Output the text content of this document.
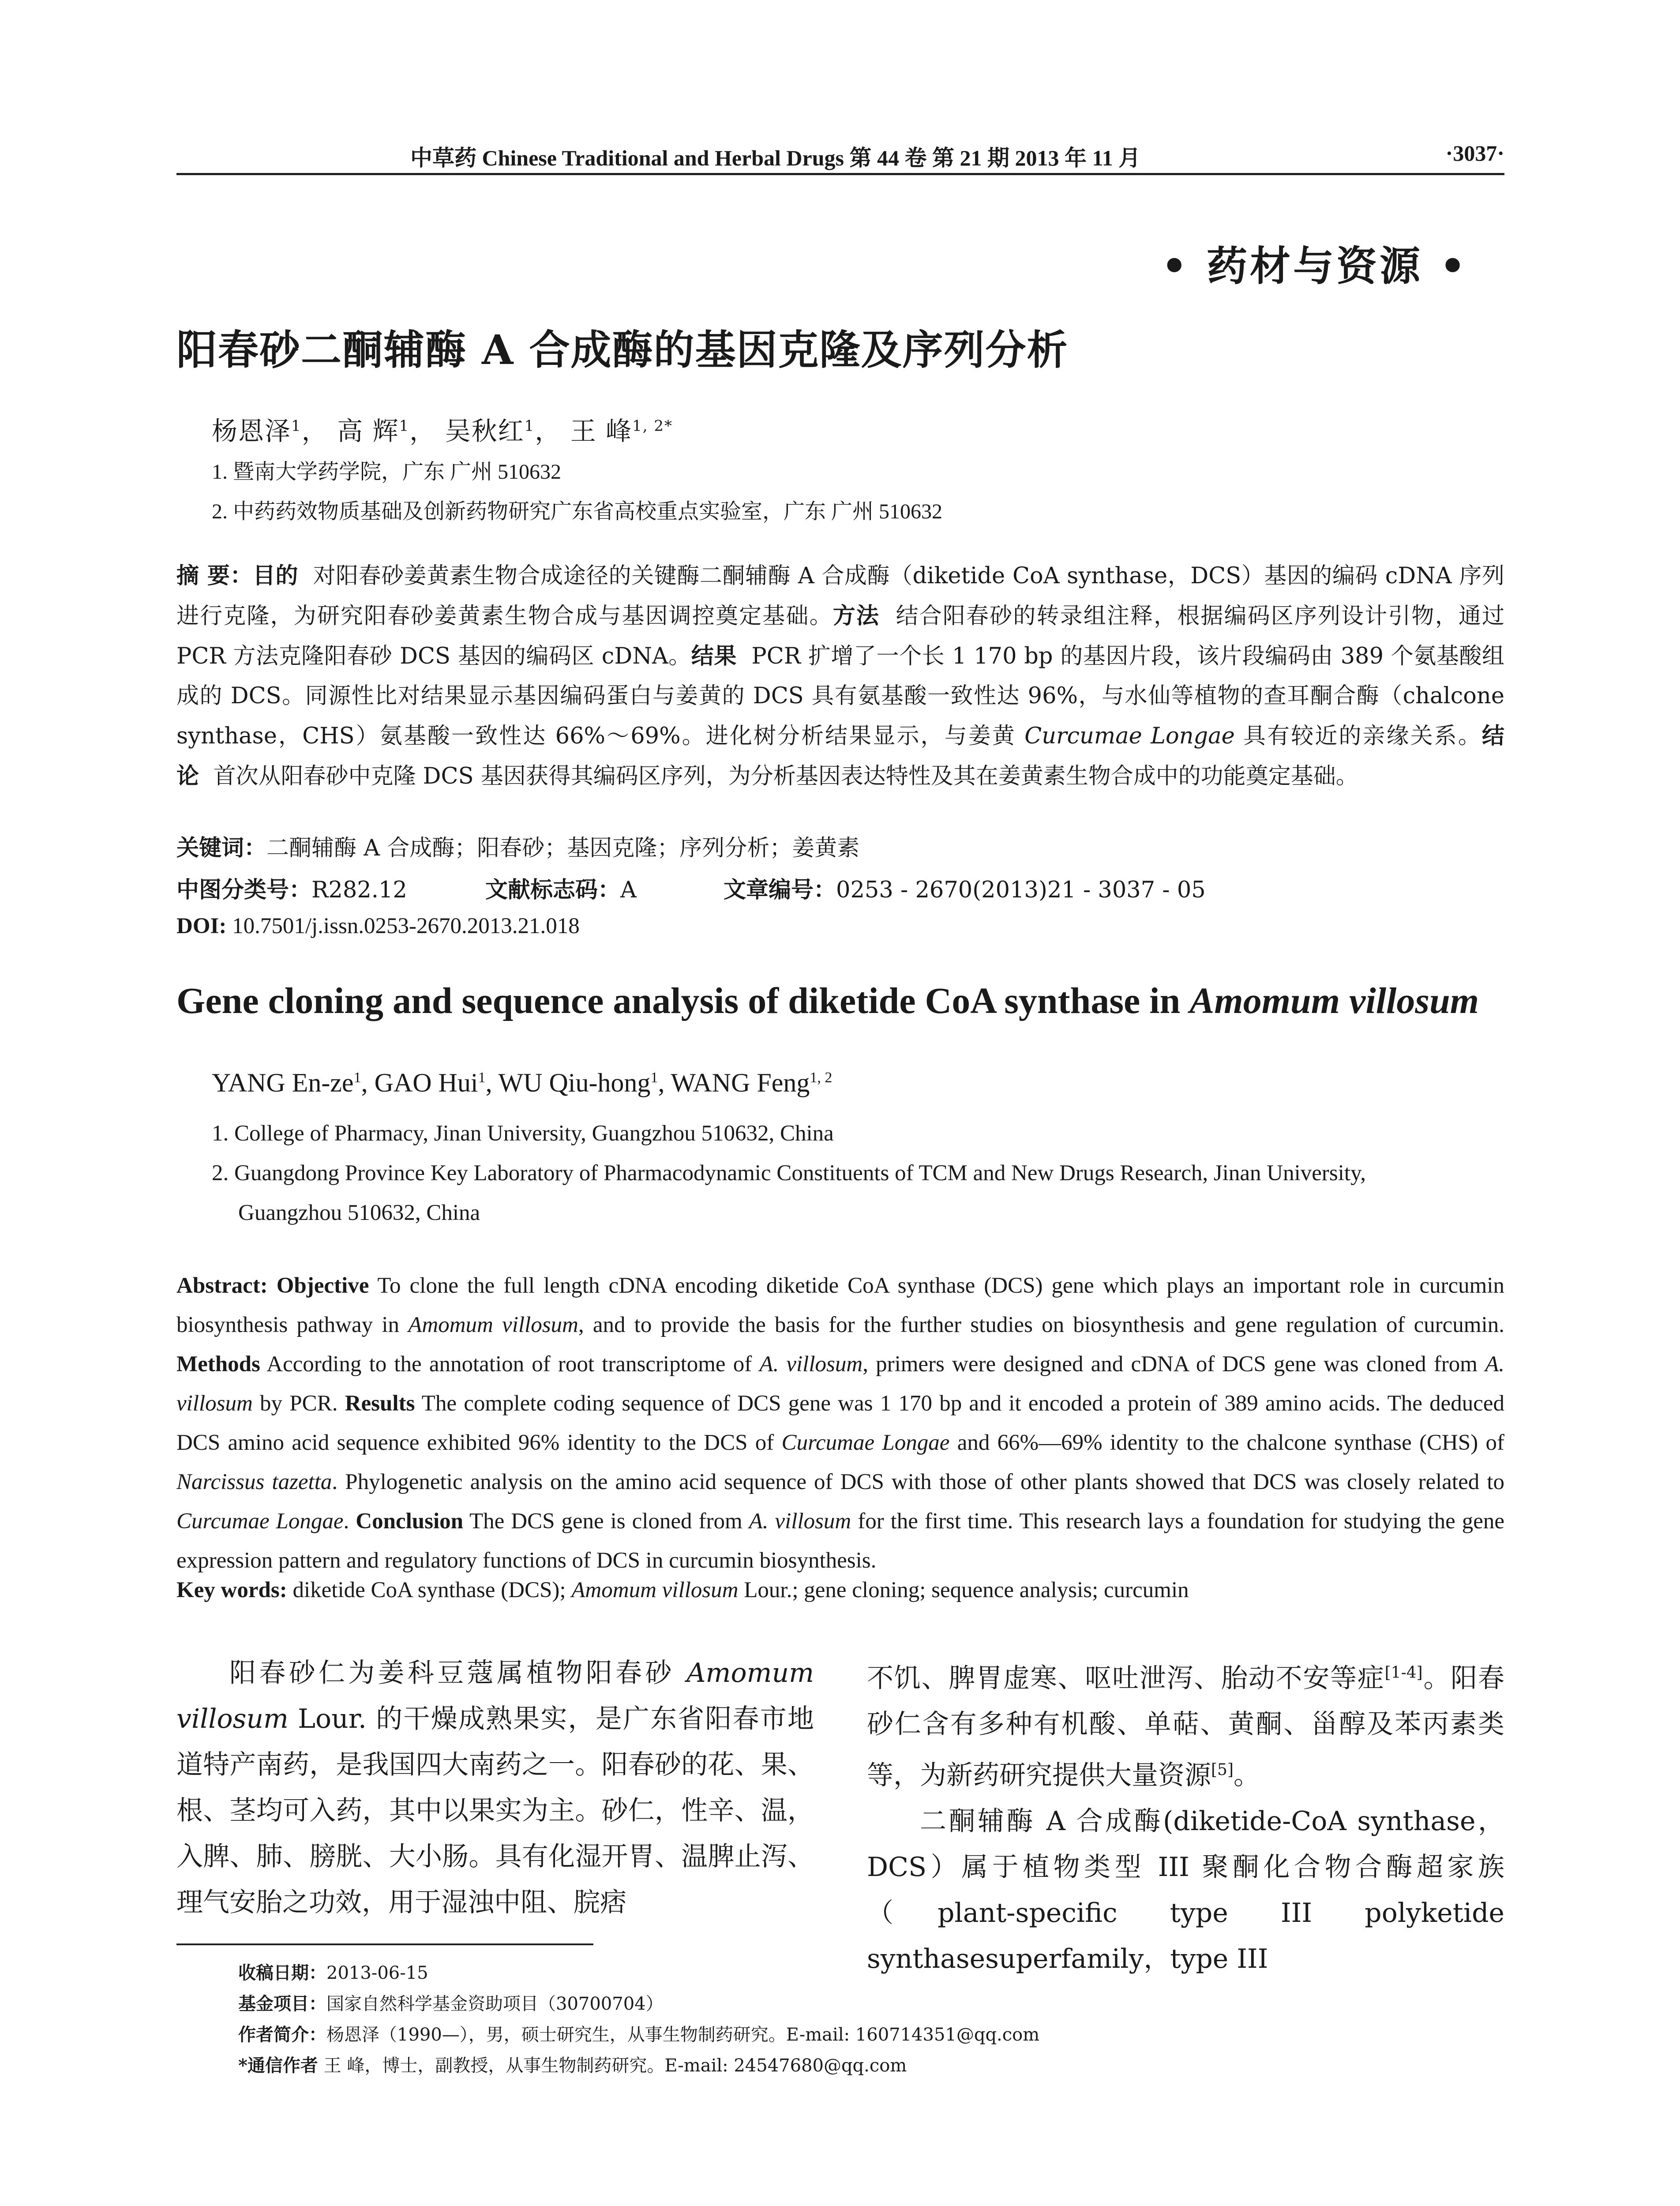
中草药 Chinese Traditional and Herbal Drugs 第 44 卷 第 21 期 2013 年 11 月	·3037·
• 药材与资源 •
阳春砂二酮辅酶 A 合成酶的基因克隆及序列分析
杨恩泽$^1$， 高 辉$^1$， 吴秋红$^1$， 王 峰$^{1, 2*}$
1. 暨南大学药学院，广东 广州 510632
2. 中药药效物质基础及创新药物研究广东省高校重点实验室，广东 广州 510632
摘 要：目的 对阳春砂姜黄素生物合成途径的关键酶二酮辅酶 A 合成酶（diketide CoA synthase，DCS）基因的编码 cDNA 序列进行克隆，为研究阳春砂姜黄素生物合成与基因调控奠定基础。方法 结合阳春砂的转录组注释，根据编码区序列设计引物，通过 PCR 方法克隆阳春砂 DCS 基因的编码区 cDNA。结果 PCR 扩增了一个长 1 170 bp 的基因片段，该片段编码由 389 个氨基酸组成的 DCS。同源性比对结果显示基因编码蛋白与姜黄的 DCS 具有氨基酸一致性达 96%，与水仙等植物的查耳酮合酶（chalcone synthase，CHS）氨基酸一致性达 66%～69%。进化树分析结果显示，与姜黄 Curcumae Longae 具有较近的亲缘关系。结论 首次从阳春砂中克隆 DCS 基因获得其编码区序列，为分析基因表达特性及其在姜黄素生物合成中的功能奠定基础。
关键词：二酮辅酶 A 合成酶；阳春砂；基因克隆；序列分析；姜黄素
中图分类号：R282.12	文献标志码：A	文章编号：0253 - 2670(2013)21 - 3037 - 05
DOI: 10.7501/j.issn.0253-2670.2013.21.018
Gene cloning and sequence analysis of diketide CoA synthase in Amomum villosum
YANG $En-ze^1$, GAO Hui$^1$, WU Qiu-hong$^1$, WANG Feng$^{1, 2}$
1. College of Pharmacy, Jinan University, Guangzhou 510632, China
2. Guangdong Province Key Laboratory of Pharmacodynamic Constituents of TCM and New Drugs Research, Jinan University,
Guangzhou 510632, China
Abstract: Objective To clone the full length cDNA encoding diketide CoA synthase (DCS) gene which plays an important role in curcumin biosynthesis pathway in Amomum villosum, and to provide the basis for the further studies on biosynthesis and gene regulation of curcumin. Methods According to the annotation of root transcriptome of A. villosum, primers were designed and cDNA of DCS gene was cloned from A. villosum by PCR. Results The complete coding sequence of DCS gene was 1 170 bp and it encoded a protein of 389 amino acids. The deduced DCS amino acid sequence exhibited 96% identity to the DCS of Curcumae Longae and 66%—69% identity to the chalcone synthase (CHS) of Narcissus tazetta. Phylogenetic analysis on the amino acid sequence of DCS with those of other plants showed that DCS was closely related to Curcumae Longae. Conclusion The DCS gene is cloned from A. villosum for the first time. This research lays a foundation for studying the gene expression pattern and regulatory functions of DCS in curcumin biosynthesis.
Key words: diketide CoA synthase (DCS); Amomum villosum Lour.; gene cloning; sequence analysis; curcumin

阳春砂仁为姜科豆蔻属植物阳春砂 Amomum villosum Lour. 的干燥成熟果实，是广东省阳春市地道特产南药，是我国四大南药之一。阳春砂的花、果、根、茎均可入药，其中以果实为主。砂仁，性辛、温，入脾、肺、膀胱、大小肠。具有化湿开胃、温脾止泻、理气安胎之功效，用于湿浊中阻、脘痞

不饥、脾胃虚寒、呕吐泄泻、胎动不安等症[1-4]。阳春砂仁含有多种有机酸、单萜、黄酮、甾醇及苯丙素类等，为新药研究提供大量资源[5]。

二酮辅酶 A 合成酶(diketide-CoA synthase，DCS）属于植物类型 III 聚酮化合物合酶超家族（plant-specific type III polyketide synthasesuperfamily，type III

收稿日期：2013-06-15
基金项目：国家自然科学基金资助项目（30700704）
作者简介：杨恩泽（1990—），男，硕士研究生，从事生物制药研究。E-mail: 160714351@qq.com
*通信作者 王 峰，博士，副教授，从事生物制药研究。E-mail: 24547680@qq.com
